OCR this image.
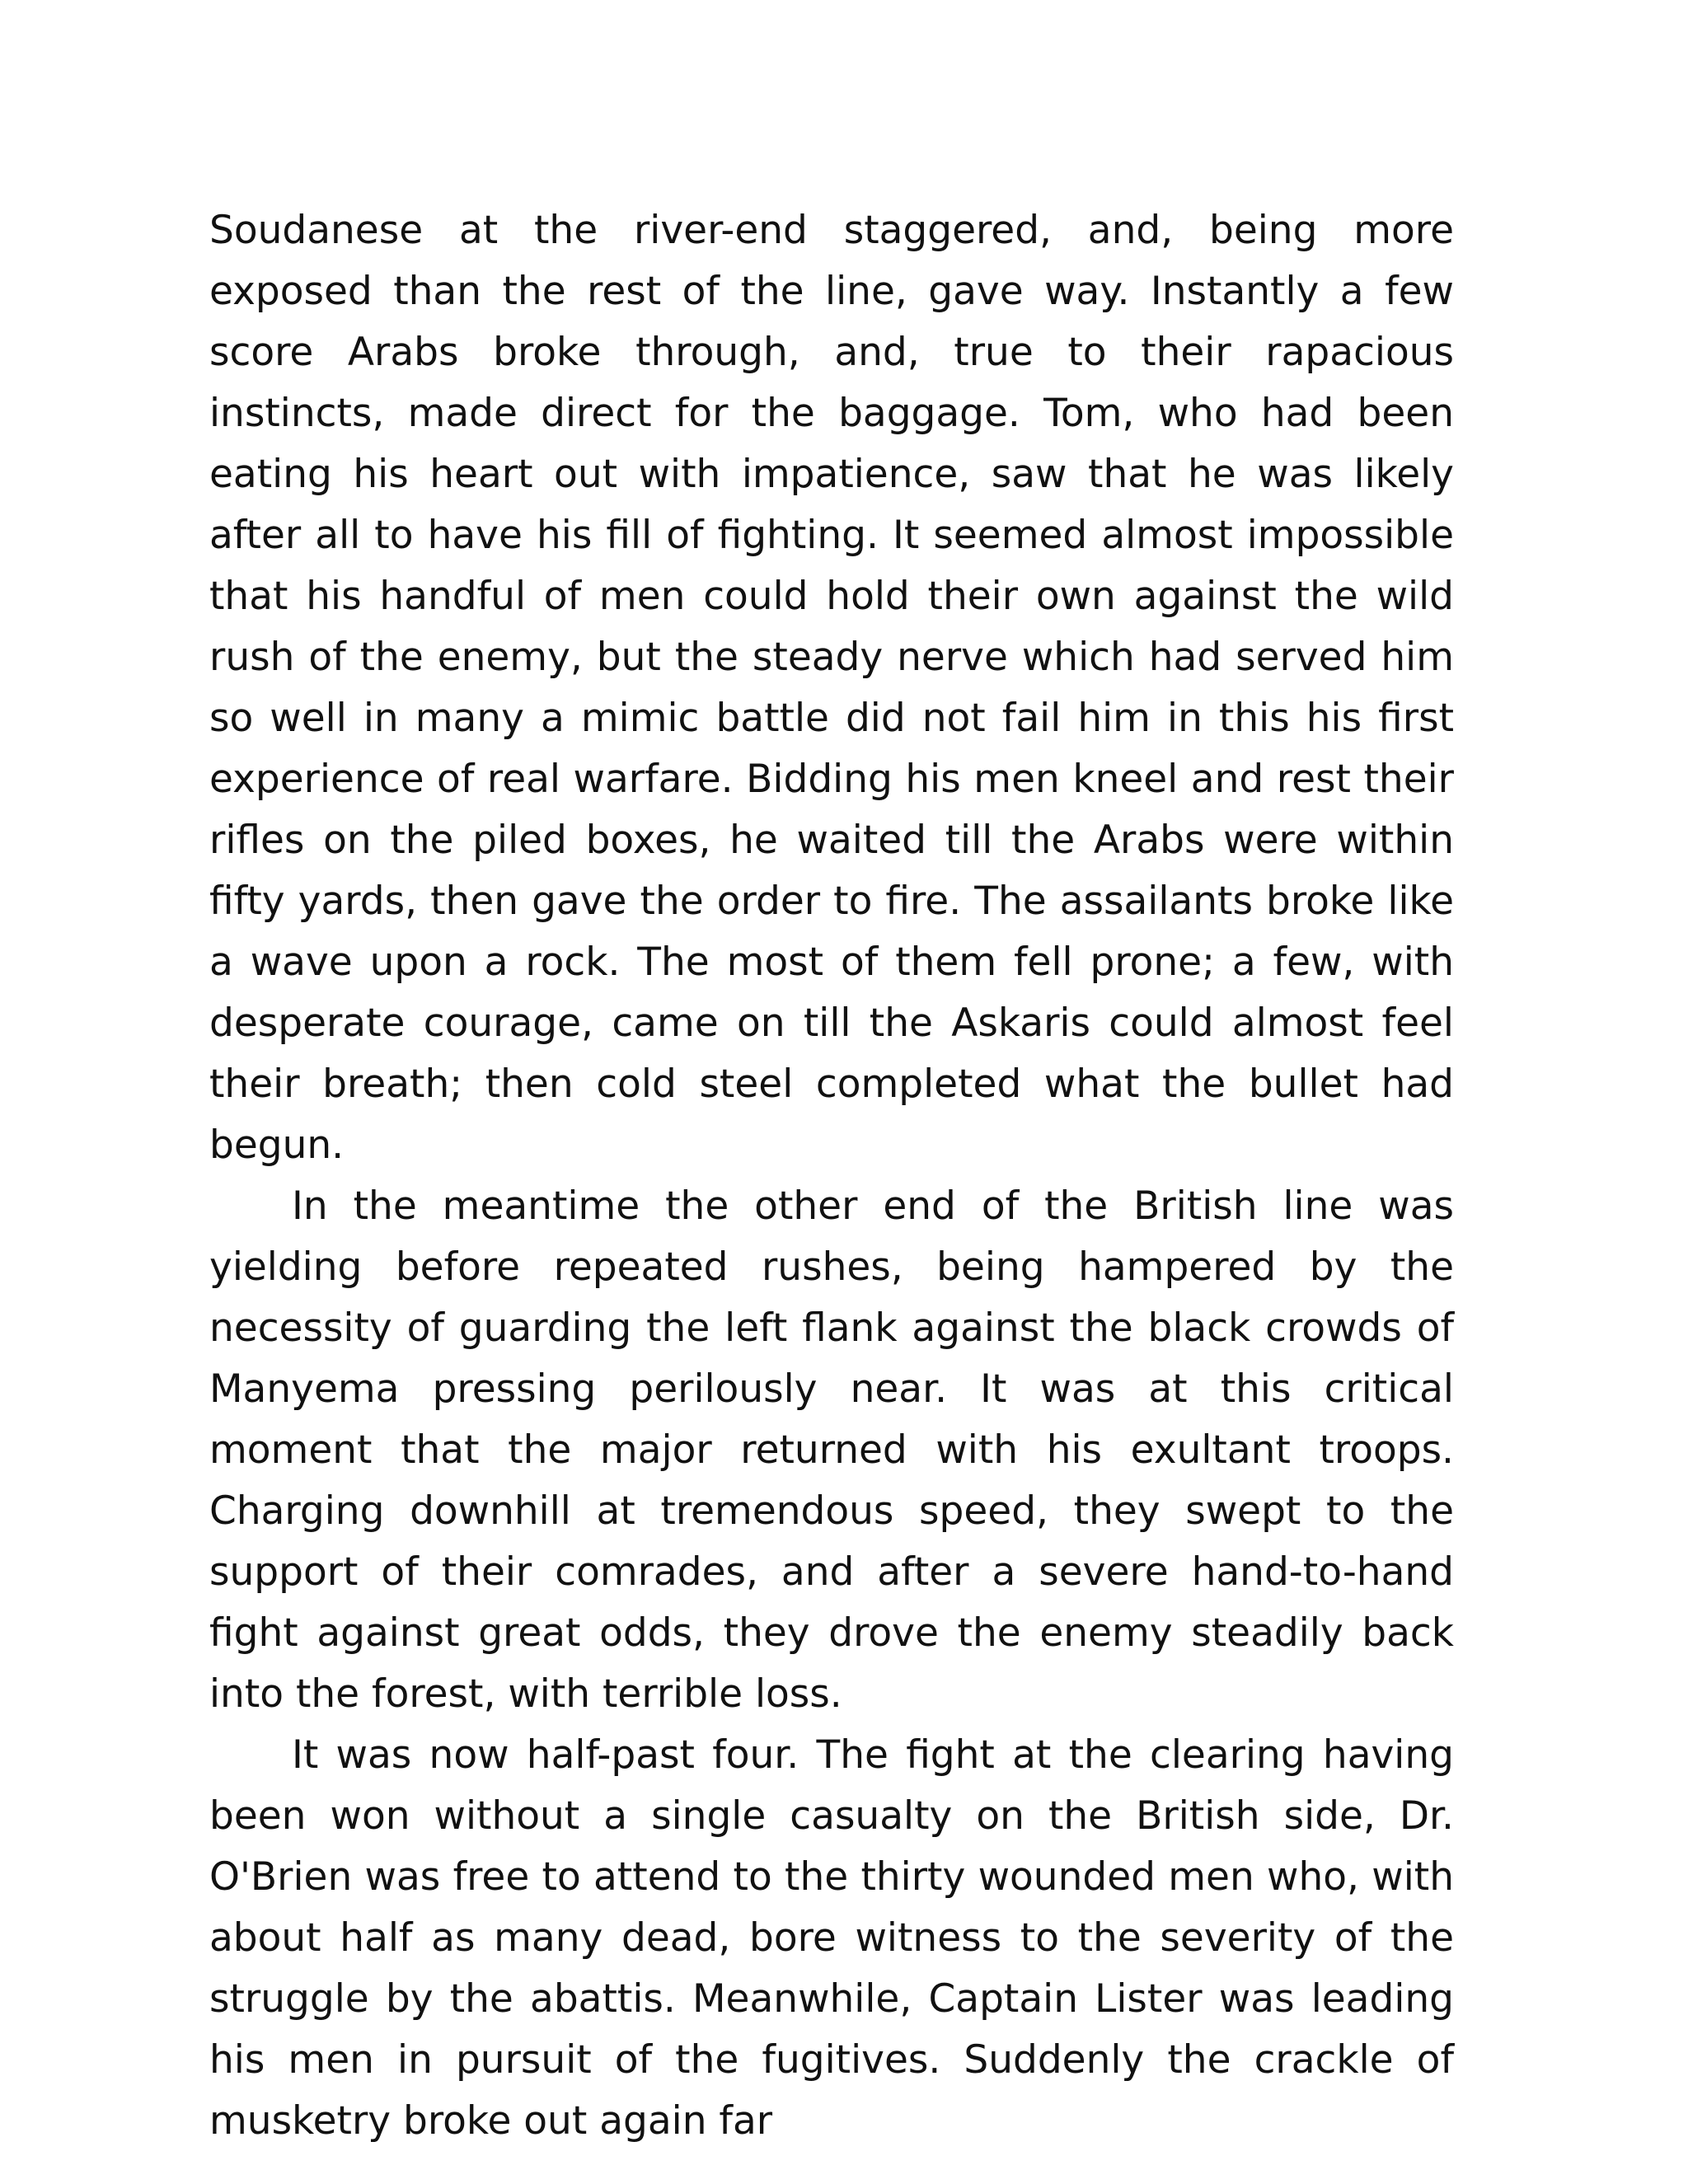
Soudanese at the river-end staggered, and, being more exposed than the rest of the line, gave way. Instantly a few score Arabs broke through, and, true to their rapacious instincts, made direct for the baggage. Tom, who had been eating his heart out with impatience, saw that he was likely after all to have his fill of fighting. It seemed almost impossible that his handful of men could hold their own against the wild rush of the enemy, but the steady nerve which had served him so well in many a mimic battle did not fail him in this his first experience of real warfare. Bidding his men kneel and rest their rifles on the piled boxes, he waited till the Arabs were within fifty yards, then gave the order to fire. The assailants broke like a wave upon a rock. The most of them fell prone; a few, with desperate courage, came on till the Askaris could almost feel their breath; then cold steel completed what the bullet had begun.

In the meantime the other end of the British line was yielding before repeated rushes, being hampered by the necessity of guarding the left flank against the black crowds of Manyema pressing perilously near. It was at this critical moment that the major returned with his exultant troops. Charging downhill at tremendous speed, they swept to the support of their comrades, and after a severe hand-to-hand fight against great odds, they drove the enemy steadily back into the forest, with terrible loss.

It was now half-past four. The fight at the clearing having been won without a single casualty on the British side, Dr. O'Brien was free to attend to the thirty wounded men who, with about half as many dead, bore witness to the severity of the struggle by the abattis. Meanwhile, Captain Lister was leading his men in pursuit of the fugitives. Suddenly the crackle of musketry broke out again far
